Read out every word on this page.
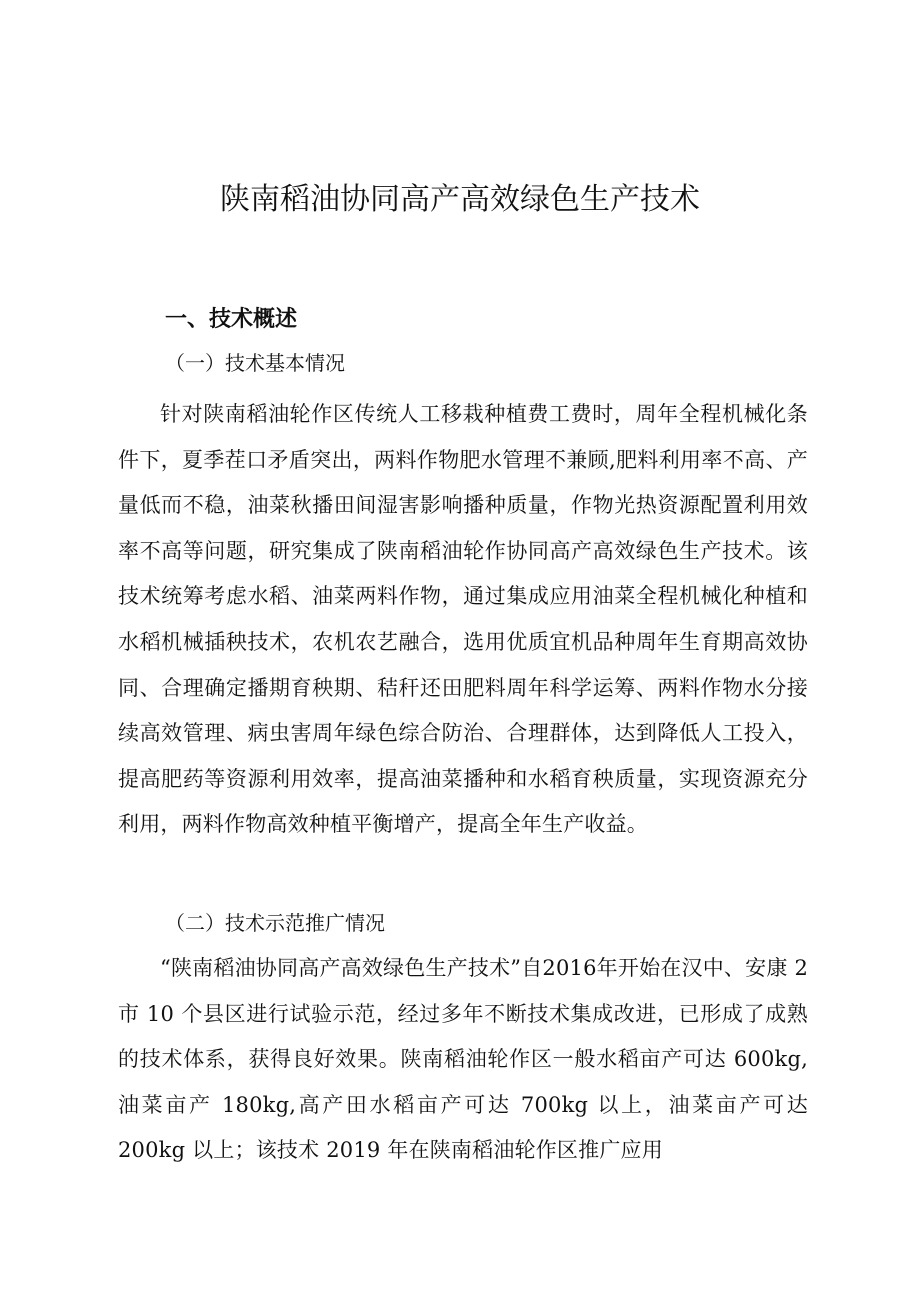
陕南稻油协同高产高效绿色生产技术
一、技术概述
（一）技术基本情况

针对陕南稻油轮作区传统人工移栽种植费工费时，周年全程机械化条件下，夏季茬口矛盾突出，两料作物肥水管理不兼顾,肥料利用率不高、产量低而不稳，油菜秋播田间湿害影响播种质量，作物光热资源配置利用效率不高等问题，研究集成了陕南稻油轮作协同高产高效绿色生产技术。该技术统筹考虑水稻、油菜两料作物，通过集成应用油菜全程机械化种植和水稻机械插秧技术，农机农艺融合，选用优质宜机品种周年生育期高效协同、合理确定播期育秧期、秸秆还田肥料周年科学运筹、两料作物水分接续高效管理、病虫害周年绿色综合防治、合理群体，达到降低人工投入，提高肥药等资源利用效率，提高油菜播种和水稻育秧质量，实现资源充分利用，两料作物高效种植平衡增产，提高全年生产收益。

（二）技术示范推广情况

“陕南稻油协同高产高效绿色生产技术”自2016年开始在汉中、安康 2 市 10 个县区进行试验示范，经过多年不断技术集成改进，已形成了成熟的技术体系，获得良好效果。陕南稻油轮作区一般水稻亩产可达 600kg,油菜亩产 180kg,高产田水稻亩产可达 700kg 以上，油菜亩产可达 200kg 以上；该技术 2019 年在陕南稻油轮作区推广应用
